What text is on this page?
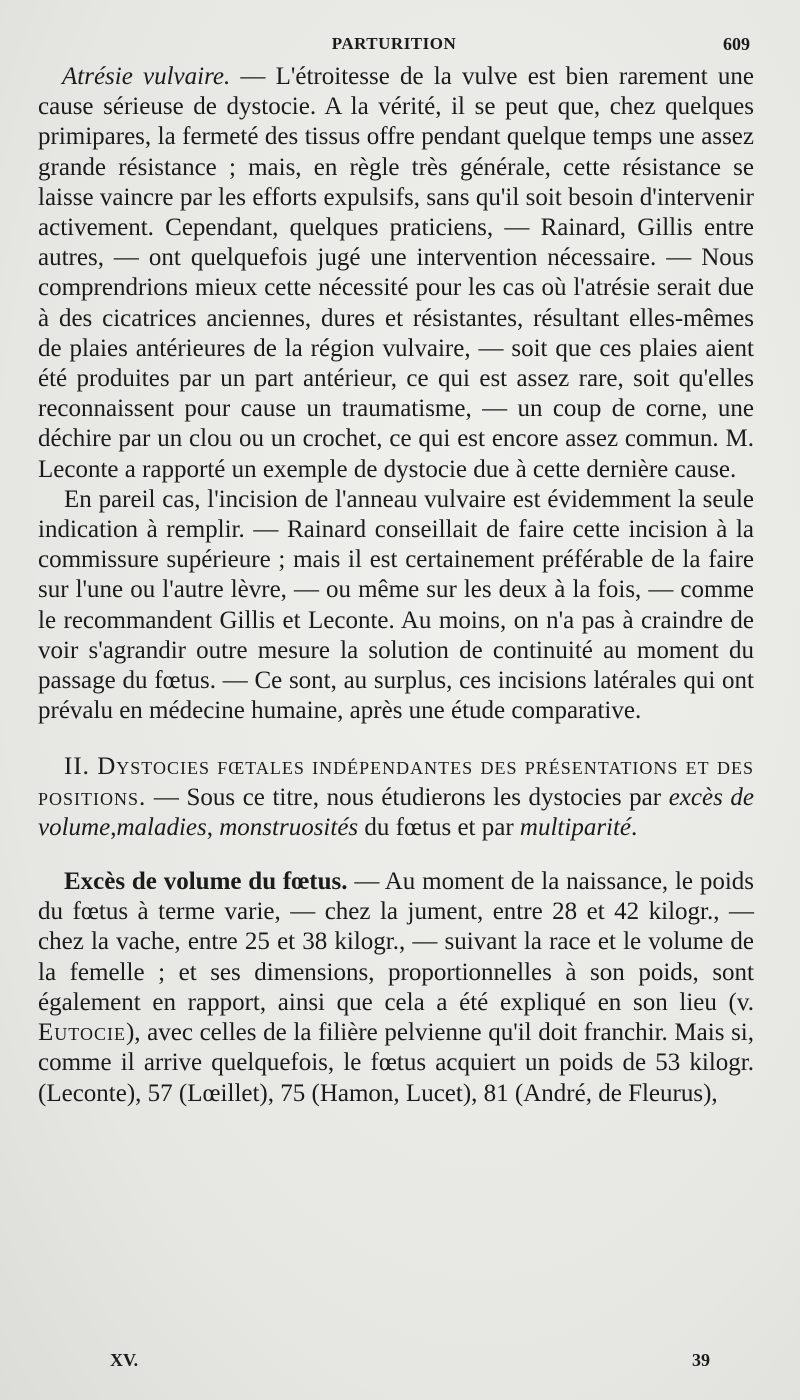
PARTURITION	609

Atrésie vulvaire. — L'étroitesse de la vulve est bien rarement une cause sérieuse de dystocie. A la vérité, il se peut que, chez quelques primipares, la fermeté des tissus offre pendant quelque temps une assez grande résistance ; mais, en règle très générale, cette résistance se laisse vaincre par les efforts expulsifs, sans qu'il soit besoin d'intervenir activement. Cependant, quelques praticiens, — Rainard, Gillis entre autres, — ont quelquefois jugé une intervention nécessaire. — Nous comprendrions mieux cette nécessité pour les cas où l'atrésie serait due à des cicatrices anciennes, dures et résistantes, résultant elles-mêmes de plaies antérieures de la région vulvaire, — soit que ces plaies aient été produites par un part antérieur, ce qui est assez rare, soit qu'elles reconnaissent pour cause un traumatisme, — un coup de corne, une déchire par un clou ou un crochet, ce qui est encore assez commun. M. Leconte a rapporté un exemple de dystocie due à cette dernière cause.

En pareil cas, l'incision de l'anneau vulvaire est évidemment la seule indication à remplir. — Rainard conseillait de faire cette incision à la commissure supérieure ; mais il est certainement préférable de la faire sur l'une ou l'autre lèvre, — ou même sur les deux à la fois, — comme le recommandent Gillis et Leconte. Au moins, on n'a pas à craindre de voir s'agrandir outre mesure la solution de continuité au moment du passage du fœtus. — Ce sont, au surplus, ces incisions latérales qui ont prévalu en médecine humaine, après une étude comparative.

II. Dystocies fœtales indépendantes des présentations et des positions. — Sous ce titre, nous étudierons les dystocies par excès de volume,maladies, monstruosités du fœtus et par multiparité.

Excès de volume du fœtus. — Au moment de la naissance, le poids du fœtus à terme varie, — chez la jument, entre 28 et 42 kilogr., — chez la vache, entre 25 et 38 kilogr., — suivant la race et le volume de la femelle ; et ses dimensions, proportionnelles à son poids, sont également en rapport, ainsi que cela a été expliqué en son lieu (v. Eutocie), avec celles de la filière pelvienne qu'il doit franchir. Mais si, comme il arrive quelquefois, le fœtus acquiert un poids de 53 kilogr. (Leconte), 57 (Lœillet), 75 (Hamon, Lucet), 81 (André, de Fleurus),

XV.	39
